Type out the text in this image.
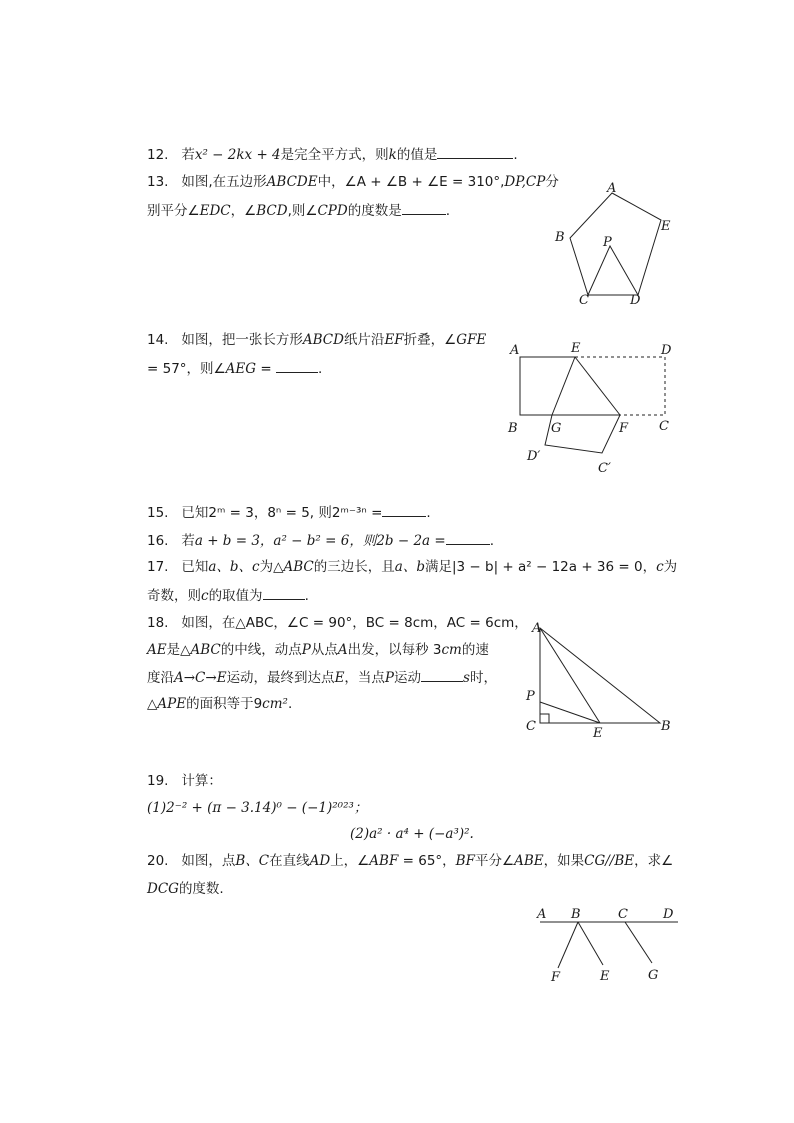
12. 若x² − 2kx + 4是完全平方式，则k的值是	.
13. 如图,在五边形ABCDE中，∠A + ∠B + ∠E = 310°,DP,CP分
别平分∠EDC，∠BCD,则∠CPD的度数是	.
A
B
C	D
E
P
14. 如图，把一张长方形ABCD纸片沿EF折叠，∠GFE
= 57°，则∠AEG =	.
A	E	D
B	G	F C
D′
C′
15. 已知2ᵐ = 3，8ⁿ = 5, 则2ᵐ⁻³ⁿ =	.
16. 若a + b = 3，a² − b² = 6，则2b − 2a =	.
17. 已知a、b、c为△ABC的三边长，且a、b满足|3 − b| + a² − 12a + 36 = 0，c为
奇数，则c的取值为	.
18. 如图，在△ABC，∠C = 90°，BC = 8cm，AC = 6cm，
AE是△ABC的中线，动点P从点A出发，以每秒 3cm的速
度沿A→C→E运动，最终到达点E，当点P运动	s时，
△APE的面积等于9cm².
A
P
C	E	B
19. 计算：
(1)2⁻² + (π − 3.14)⁰ − (−1)²⁰²³；
(2)a² · a⁴ + (−a³)².
20. 如图，点B、C在直线AD上，∠ABF = 65°，BF平分∠ABE，如果CG//BE，求∠
DCG的度数.
A B	C	D
F	E	G
